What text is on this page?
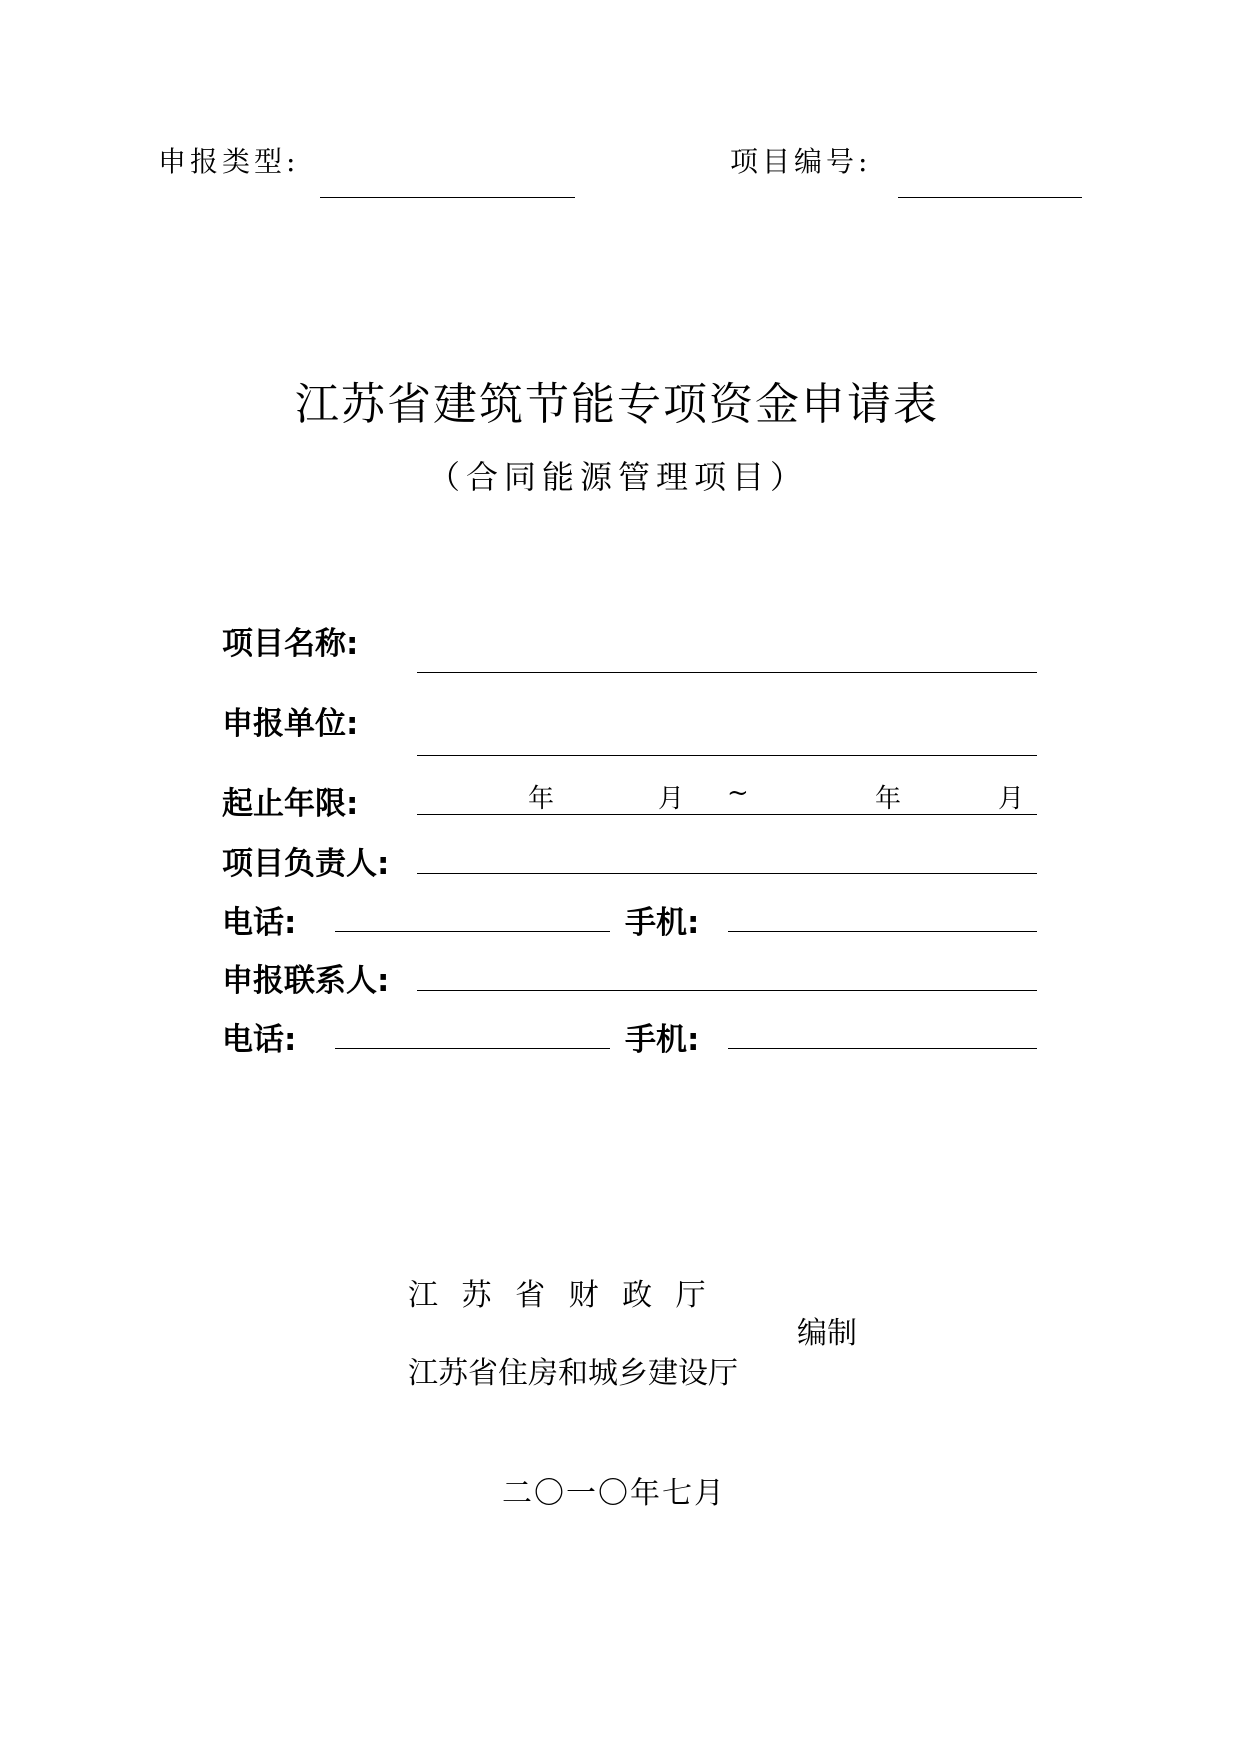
申报类型:	项目编号:
江苏省建筑节能专项资金申请表
（合同能源管理项目）
项目名称:
申报单位:
起止年限:	年	月 ~	年	月
项目负责人:
电话:	手机:
申报联系人:
电话:	手机:
江 苏 省 财 政 厅
编制
江苏省住房和城乡建设厅
二〇一〇年七月
